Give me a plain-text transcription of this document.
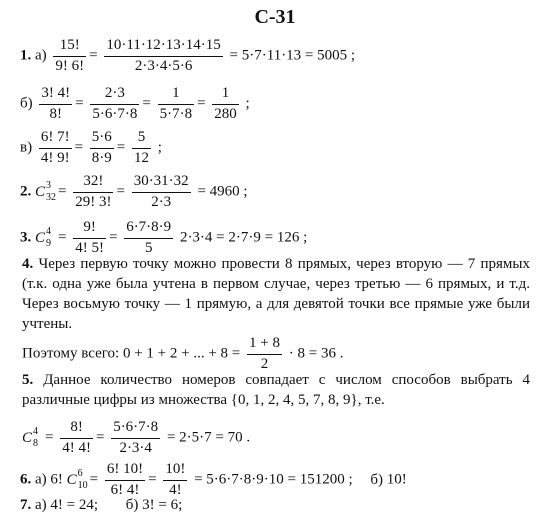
С-31
1. $а) \frac{15!}{9! 6!} = \frac{10\cdot 11\cdot 12\cdot 13\cdot 14\cdot 15}{2\cdot 3\cdot 4\cdot 5\cdot 6} = 5\cdot 7\cdot 11\cdot 13 = 5005$ ;
$б) \frac{3! 4!}{8!} = \frac{2\cdot 3}{5\cdot 6\cdot 7\cdot 8} = \frac{1}{5\cdot 7\cdot 8} = \frac{1}{280}$ ;
$в) \frac{6! 7!}{4! 9!} = \frac{5\cdot 6}{8\cdot 9} = \frac{5}{12}$ ;
2. C 3
$32 = \frac{32!}{29! 3!} = \frac{30\cdot 31\cdot 32}{2\cdot 3} = 4960$ ;
3. C 4
$9 = \frac{9!}{4! 5!} = \frac{6\cdot 7\cdot 8\cdot 9}{5} 2\cdot 3\cdot 4 = 2\cdot 7\cdot 9 = 126$ ;
4. Через первую точку можно провести 8 прямых, через вторую — 7 прямых (т.к. одна уже была учтена в первом случае, через третью — 6 прямых, и т.д. Через восьмую точку — 1 прямую, а для девятой точки все прямые уже были учтены.
Поэтому всего: 0 + 1 + 2 + ... + $8 = \frac{1 + 8}{2} \cdot 8 = 36$ .
5. Данное количество номеров совпадает с числом способов выбрать 4 различные цифры из множества {0, 1, 2, 4, 5, 7, 8, 9}, т.е.
C 4
$8 = \frac{8!}{4! 4!} = \frac{5\cdot 6\cdot 7\cdot 8}{2\cdot 3\cdot 4} = 2\cdot 5\cdot 7 = 70$ .
6. а) 6! C 6
$10 = \frac{6! 10!}{6! 4!} = \frac{10!}{4!} = 5\cdot 6\cdot 7\cdot 8\cdot 9\cdot 10 = 151200$ ; б) 10!
7. а) 4! = 24; б) 3! = 6;
